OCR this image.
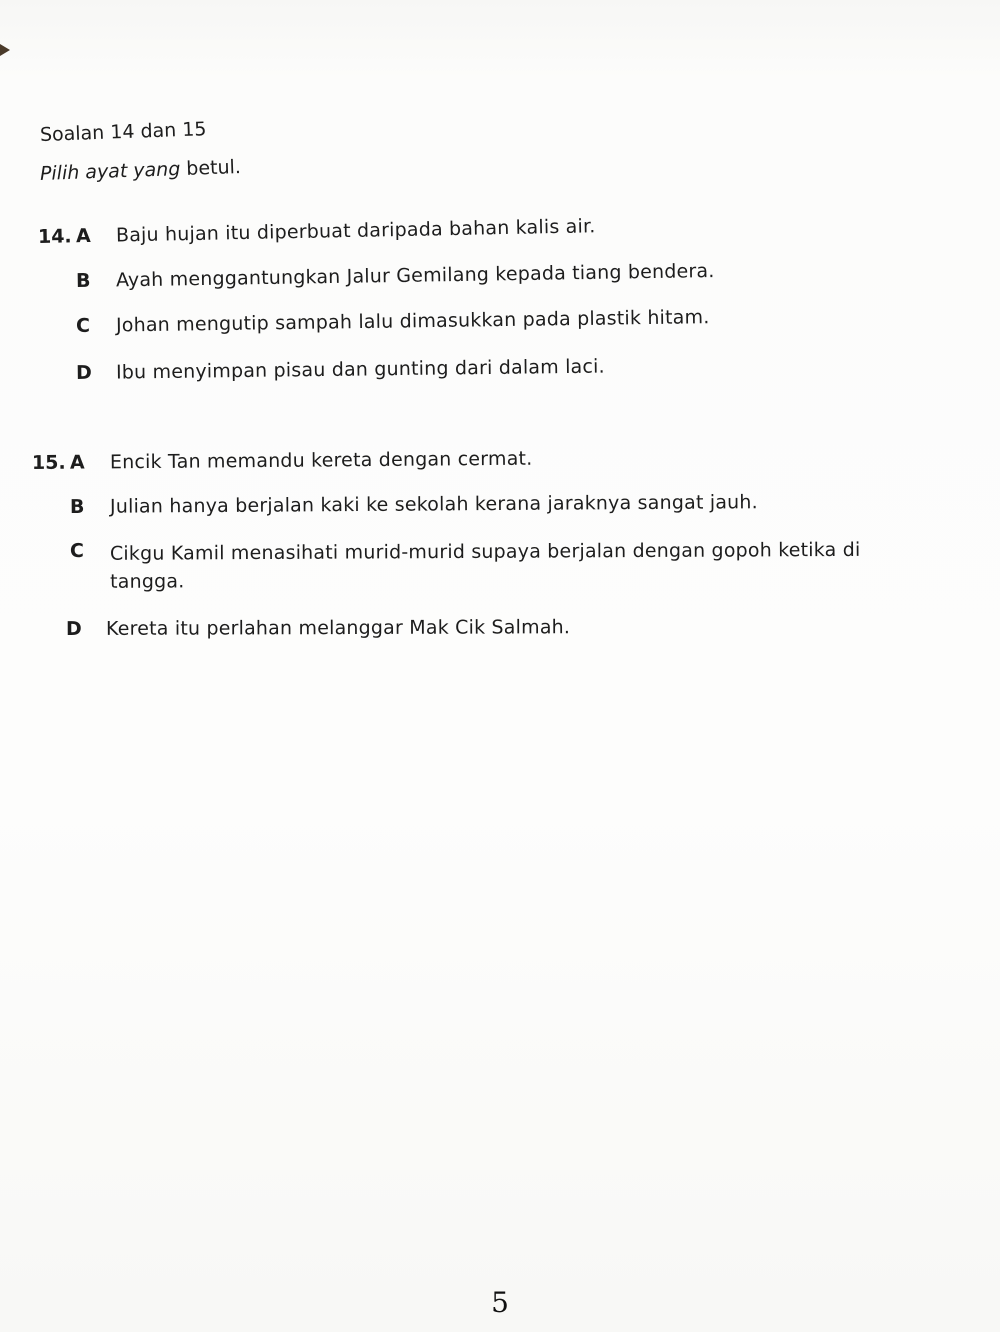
Soalan 14 dan 15
Pilih ayat yang betul.
14. A Baju hujan itu diperbuat daripada bahan kalis air.
B Ayah menggantungkan Jalur Gemilang kepada tiang bendera.
C Johan mengutip sampah lalu dimasukkan pada plastik hitam.
D Ibu menyimpan pisau dan gunting dari dalam laci.
15. A Encik Tan memandu kereta dengan cermat.
B Julian hanya berjalan kaki ke sekolah kerana jaraknya sangat jauh.
C	Cikgu Kamil menasihati murid-murid supaya berjalan dengan gopoh ketika di tangga.
D Kereta itu perlahan melanggar Mak Cik Salmah.
5
